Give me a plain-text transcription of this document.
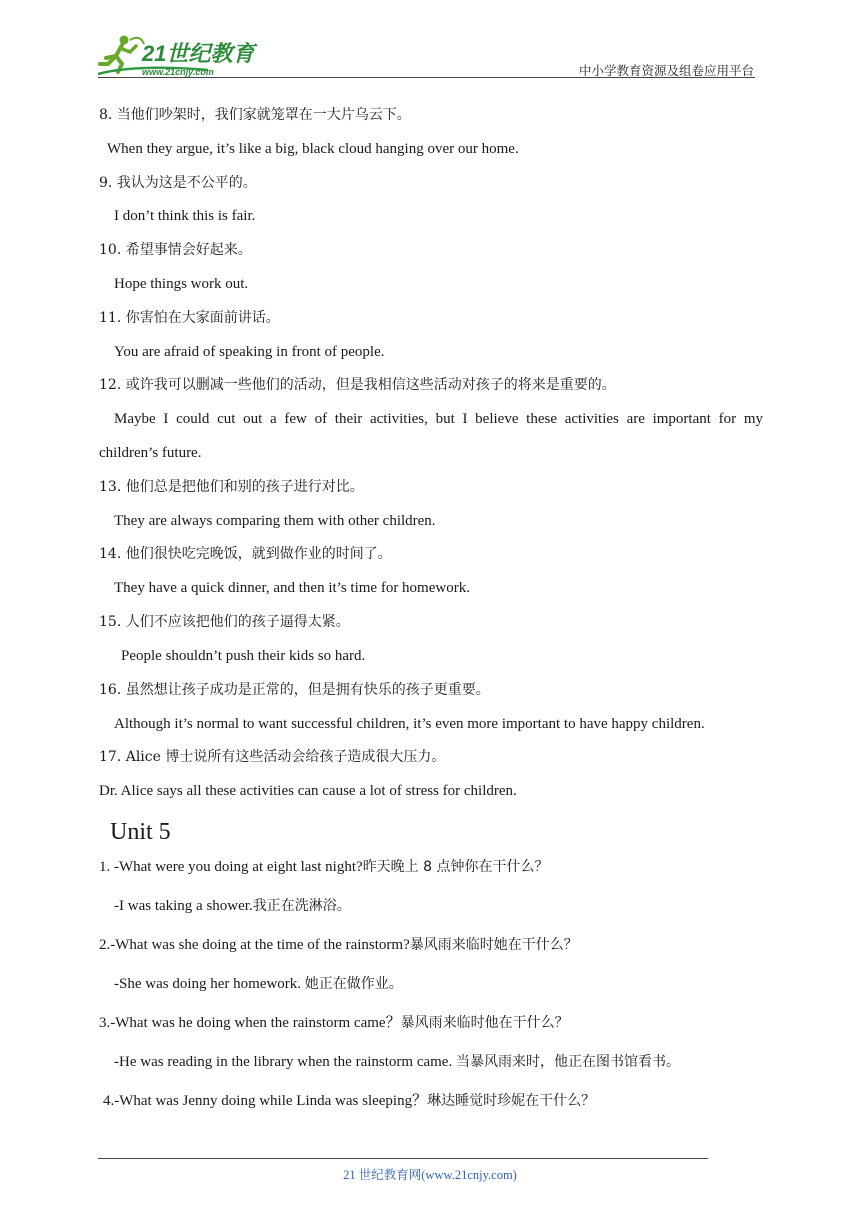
21世纪教育
www.21cnjy.com	中小学教育资源及组卷应用平台
8. 当他们吵架时，我们家就笼罩在一大片乌云下。
When they argue, it’s like a big, black cloud hanging over our home.
9. 我认为这是不公平的。
I don’t think this is fair.
10. 希望事情会好起来。
Hope things work out.
11. 你害怕在大家面前讲话。
You are afraid of speaking in front of people.
12. 或许我可以删减一些他们的活动，但是我相信这些活动对孩子的将来是重要的。
Maybe I could cut out a few of their activities, but I believe these activities are important for my
children’s future.
13. 他们总是把他们和别的孩子进行对比。
They are always comparing them with other children.
14. 他们很快吃完晚饭，就到做作业的时间了。
They have a quick dinner, and then it’s time for homework.
15. 人们不应该把他们的孩子逼得太紧。
People shouldn’t push their kids so hard.
16. 虽然想让孩子成功是正常的，但是拥有快乐的孩子更重要。
Although it’s normal to want successful children, it’s even more important to have happy children.
17. Alice 博士说所有这些活动会给孩子造成很大压力。
Dr. Alice says all these activities can cause a lot of stress for children.
Unit 5
1. -What were you doing at eight last night?昨天晚上 8 点钟你在干什么？
-I was taking a shower.我正在洗淋浴。
2.-What was she doing at the time of the rainstorm?暴风雨来临时她在干什么？
-She was doing her homework. 她正在做作业。
3.-What was he doing when the rainstorm came？暴风雨来临时他在干什么？
-He was reading in the library when the rainstorm came. 当暴风雨来时，他正在图书馆看书。
4.-What was Jenny doing while Linda was sleeping？琳达睡觉时珍妮在干什么？
21 世纪教育网(www.21cnjy.com)
